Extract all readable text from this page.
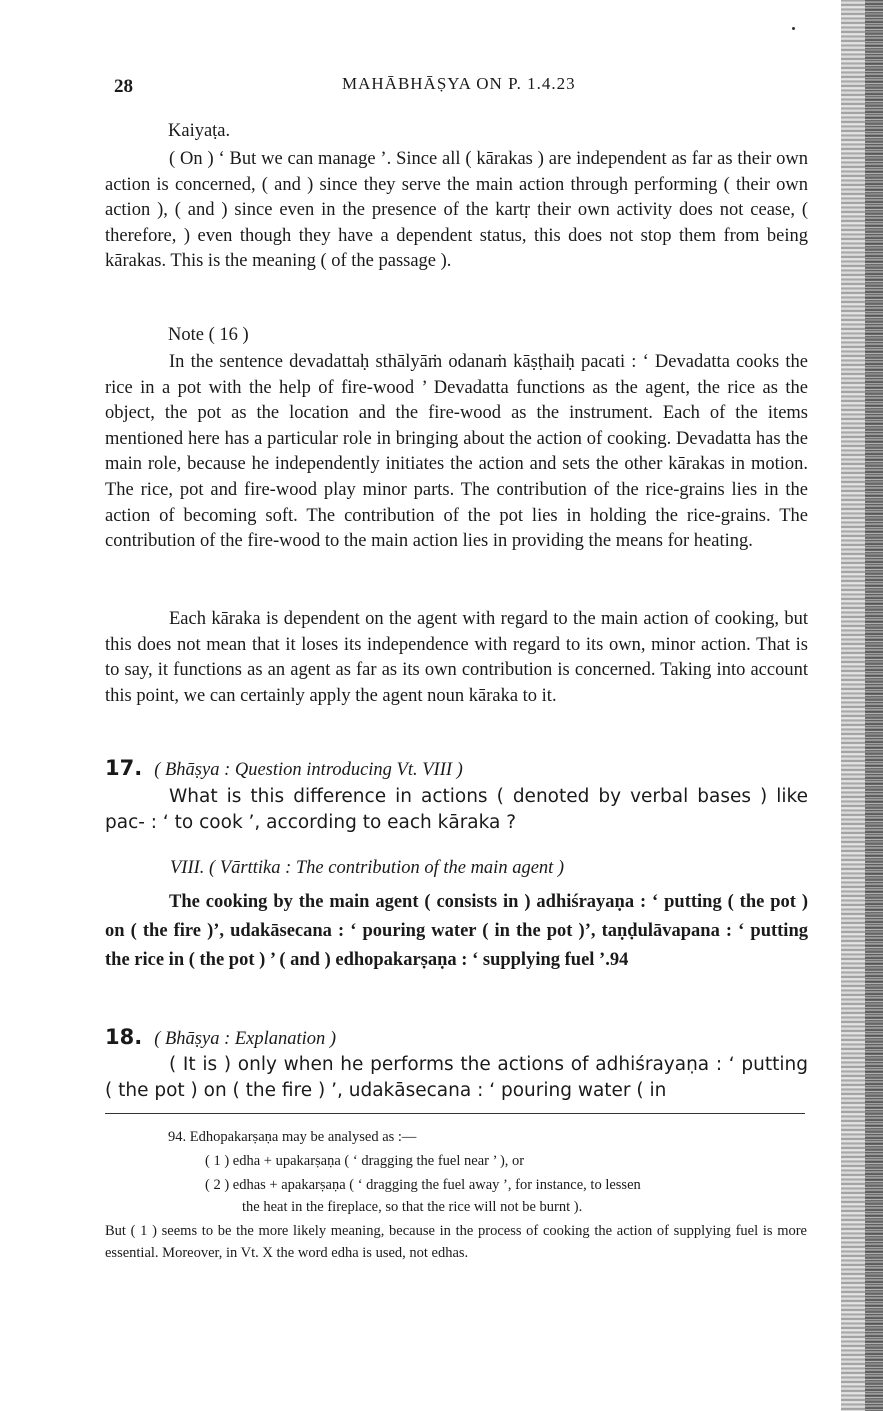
28	MAHĀBHĀṢYA ON P. 1.4.23

Kaiyaṭa.

( On ) ‘ But we can manage ’. Since all ( kārakas ) are independent as far as their own action is concerned, ( and ) since they serve the main action through performing ( their own action ), ( and ) since even in the presence of the kartṛ their own activity does not cease, ( therefore, ) even though they have a dependent status, this does not stop them from being kārakas. This is the meaning ( of the passage ).

Note ( 16 )

In the sentence devadattaḥ sthālyāṁ odanaṁ kāṣṭhaiḥ pacati : ‘ Devadatta cooks the rice in a pot with the help of fire-wood ’ Devadatta functions as the agent, the rice as the object, the pot as the location and the fire-wood as the instrument. Each of the items mentioned here has a particular role in bringing about the action of cooking. Devadatta has the main role, because he independently initiates the action and sets the other kārakas in motion. The rice, pot and fire-wood play minor parts. The contribution of the rice-grains lies in the action of becoming soft. The contribution of the pot lies in holding the rice-grains. The contribution of the fire-wood to the main action lies in providing the means for heating.

Each kāraka is dependent on the agent with regard to the main action of cooking, but this does not mean that it loses its independence with regard to its own, minor action. That is to say, it functions as an agent as far as its own contribution is concerned. Taking into account this point, we can certainly apply the agent noun kāraka to it.

17. ( Bhāṣya : Question introducing Vt. VIII )

What is this difference in actions ( denoted by verbal bases ) like pac- : ‘ to cook ’, according to each kāraka ?

VIII. ( Vārttika : The contribution of the main agent )

The cooking by the main agent ( consists in ) adhiśrayaṇa : ‘ putting ( the pot ) on ( the fire )’, udakāsecana : ‘ pouring water ( in the pot )’, taṇḍulāvapana : ‘ putting the rice in ( the pot ) ’ ( and ) edhopakarṣaṇa : ‘ supplying fuel ’.94

18. ( Bhāṣya : Explanation )

( It is ) only when he performs the actions of adhiśrayaṇa : ‘ putting ( the pot ) on ( the fire ) ’, udakāsecana : ‘ pouring water ( in

94. Edhopakarṣaṇa may be analysed as :—

( 1 ) edha + upakarṣaṇa ( ‘ dragging the fuel near ’ ), or

( 2 ) edhas + apakarṣaṇa ( ‘ dragging the fuel away ’, for instance, to lessen

the heat in the fireplace, so that the rice will not be burnt ).

But ( 1 ) seems to be the more likely meaning, because in the process of cooking the action of supplying fuel is more essential. Moreover, in Vt. X the word edha is used, not edhas.
